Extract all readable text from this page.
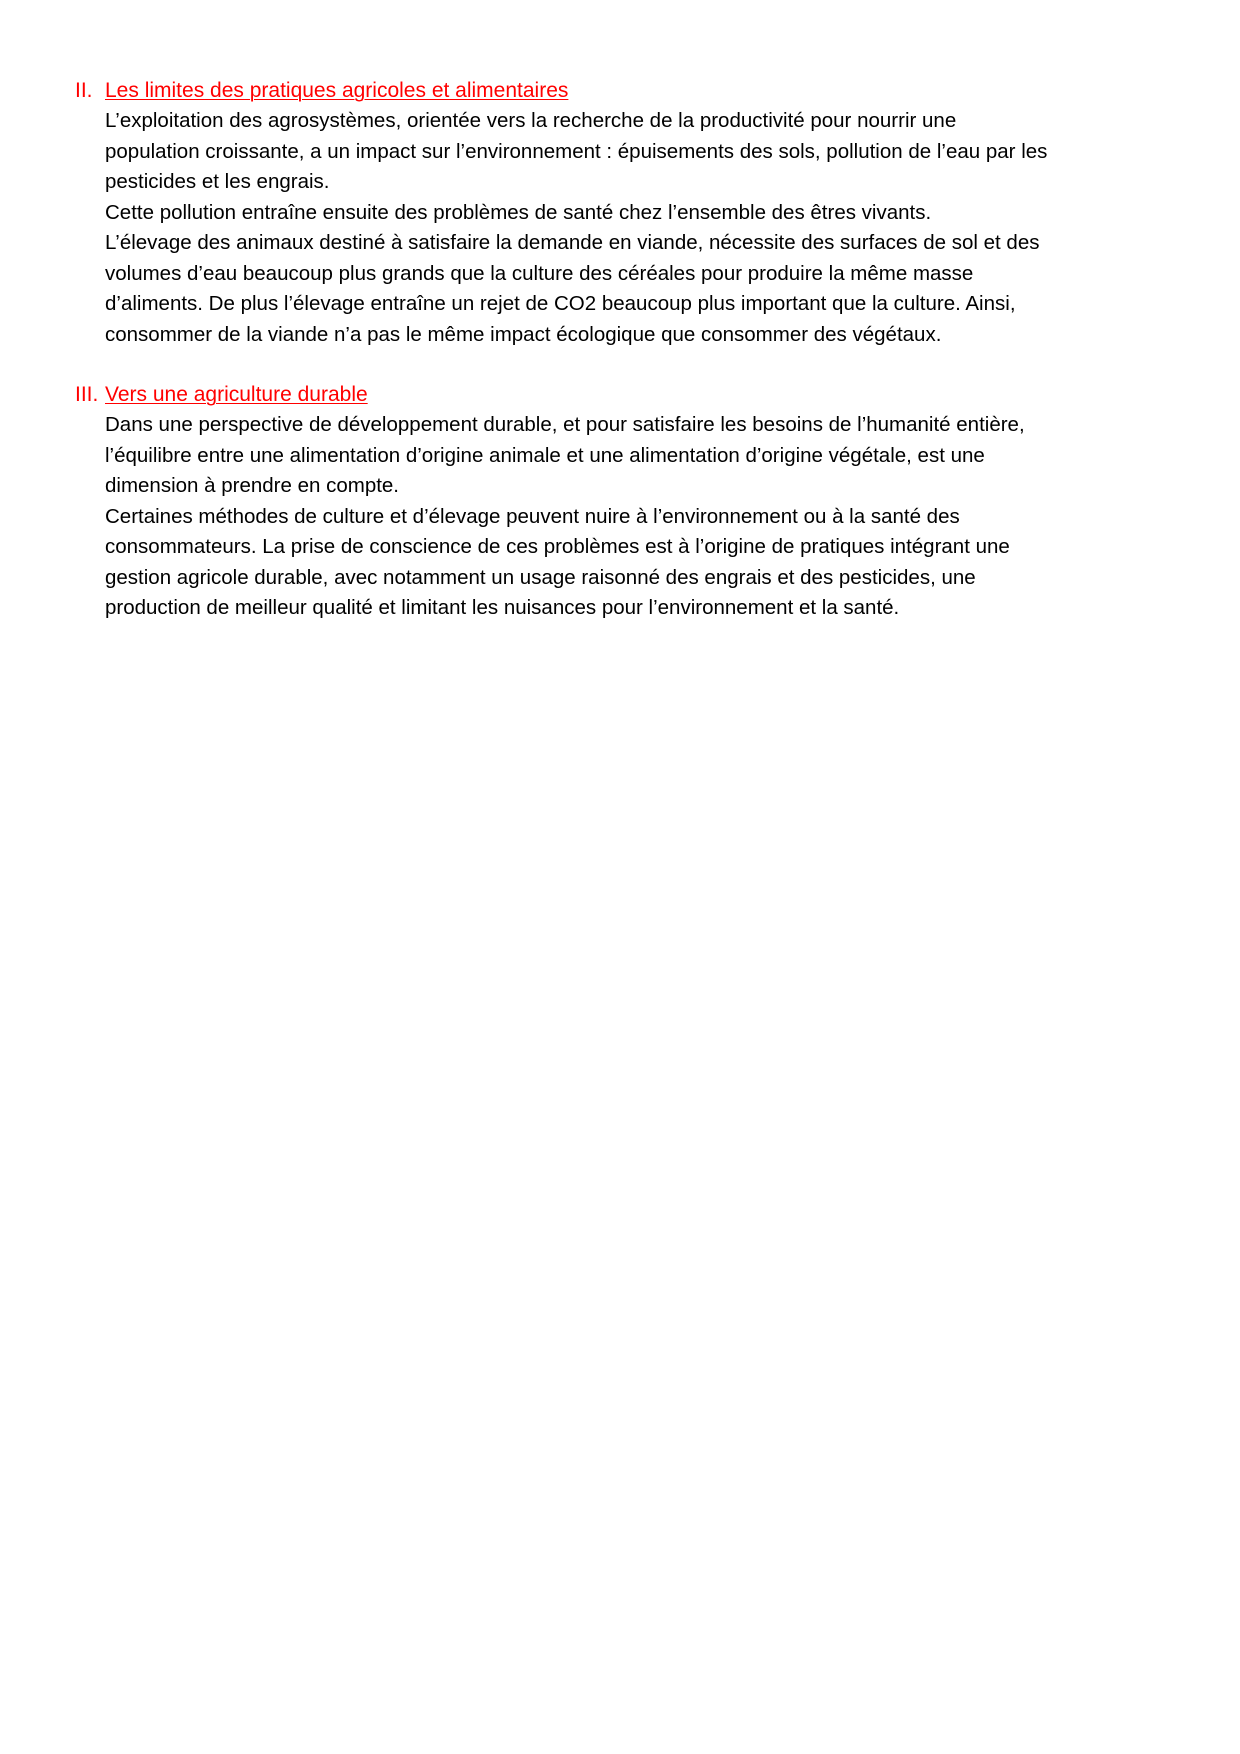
II. Les limites des pratiques agricoles et alimentaires

L’exploitation des agrosystèmes, orientée vers la recherche de la productivité pour nourrir une

population croissante, a un impact sur l’environnement : épuisements des sols, pollution de l’eau par les

pesticides et les engrais.

Cette pollution entraîne ensuite des problèmes de santé chez l’ensemble des êtres vivants.

L’élevage des animaux destiné à satisfaire la demande en viande, nécessite des surfaces de sol et des

volumes d’eau beaucoup plus grands que la culture des céréales pour produire la même masse

d’aliments. De plus l’élevage entraîne un rejet de CO2 beaucoup plus important que la culture. Ainsi,

consommer de la viande n’a pas le même impact écologique que consommer des végétaux.

III. Vers une agriculture durable

Dans une perspective de développement durable, et pour satisfaire les besoins de l’humanité entière,

l’équilibre entre une alimentation d’origine animale et une alimentation d’origine végétale, est une

dimension à prendre en compte.

Certaines méthodes de culture et d’élevage peuvent nuire à l’environnement ou à la santé des

consommateurs. La prise de conscience de ces problèmes est à l’origine de pratiques intégrant une

gestion agricole durable, avec notamment un usage raisonné des engrais et des pesticides, une

production de meilleur qualité et limitant les nuisances pour l’environnement et la santé.
